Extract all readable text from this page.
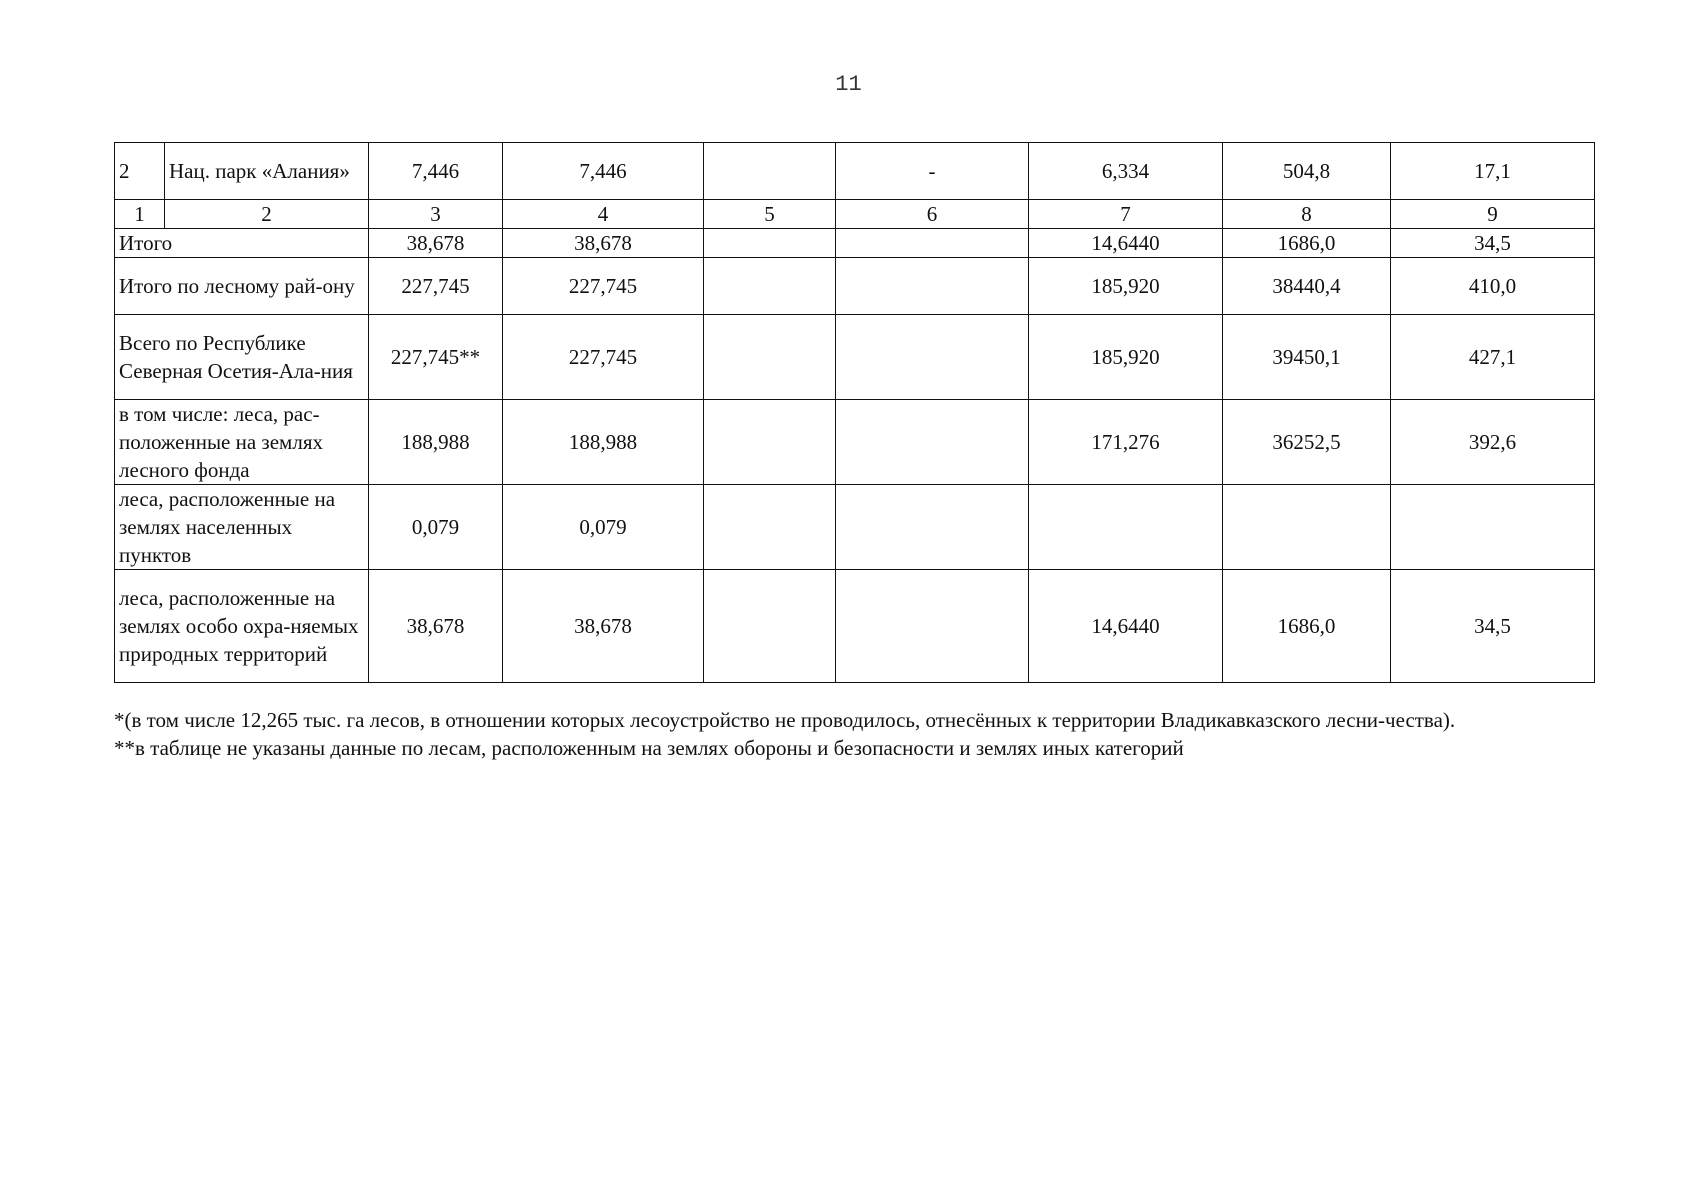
11
2	Нац. парк «Алания»	7,446	7,446		-	6,334	504,8	17,1
1	2	3	4	5	6	7	8	9
Итого		38,678	38,678			14,6440	1686,0	34,5
Итого по лесному рай-ону		227,745	227,745			185,920	38440,4	410,0
Всего по Республике Северная Осетия-Ала-ния		227,745**	227,745			185,920	39450,1	427,1
в том числе: леса, рас-положенные на землях лесного фонда		188,988	188,988			171,276	36252,5	392,6
леса, расположенные на землях населенных пунктов		0,079	0,079					
леса, расположенные на землях особо охра-няемых природных территорий		38,678	38,678			14,6440	1686,0	34,5

*(в том числе 12,265 тыс. га лесов, в отношении которых лесоустройство не проводилось, отнесённых к территории Владикавказского лесни-чества).

**в таблице не указаны данные по лесам, расположенным на землях обороны и безопасности и землях иных категорий
